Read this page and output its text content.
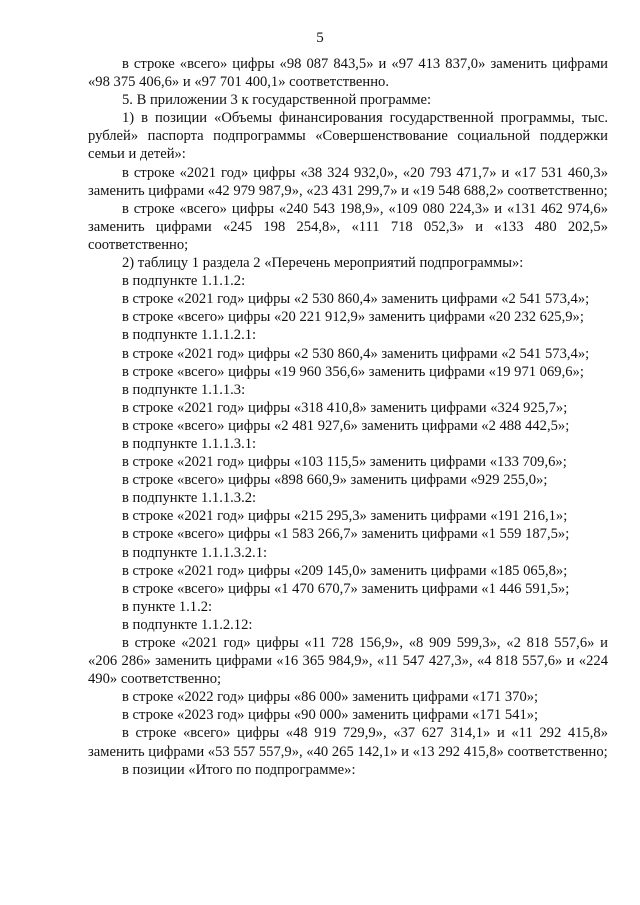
5

в строке «всего» цифры «98 087 843,5» и «97 413 837,0» заменить цифрами «98 375 406,6» и «97 701 400,1» соответственно.

5. В приложении 3 к государственной программе:

1) в позиции «Объемы финансирования государственной программы, тыс. рублей» паспорта подпрограммы «Совершенствование социальной поддержки семьи и детей»:

в строке «2021 год» цифры «38 324 932,0», «20 793 471,7» и «17 531 460,3» заменить цифрами «42 979 987,9», «23 431 299,7» и «19 548 688,2» соответственно;

в строке «всего» цифры «240 543 198,9», «109 080 224,3» и «131 462 974,6» заменить цифрами «245 198 254,8», «111 718 052,3» и «133 480 202,5» соответственно;

2) таблицу 1 раздела 2 «Перечень мероприятий подпрограммы»:

в подпункте 1.1.1.2:

в строке «2021 год» цифры «2 530 860,4» заменить цифрами «2 541 573,4»;

в строке «всего» цифры «20 221 912,9» заменить цифрами «20 232 625,9»;

в подпункте 1.1.1.2.1:

в строке «2021 год» цифры «2 530 860,4» заменить цифрами «2 541 573,4»;

в строке «всего» цифры «19 960 356,6» заменить цифрами «19 971 069,6»;

в подпункте 1.1.1.3:

в строке «2021 год» цифры «318 410,8» заменить цифрами «324 925,7»;

в строке «всего» цифры «2 481 927,6» заменить цифрами «2 488 442,5»;

в подпункте 1.1.1.3.1:

в строке «2021 год» цифры «103 115,5» заменить цифрами «133 709,6»;

в строке «всего» цифры «898 660,9» заменить цифрами «929 255,0»;

в подпункте 1.1.1.3.2:

в строке «2021 год» цифры «215 295,3» заменить цифрами «191 216,1»;

в строке «всего» цифры «1 583 266,7» заменить цифрами «1 559 187,5»;

в подпункте 1.1.1.3.2.1:

в строке «2021 год» цифры «209 145,0» заменить цифрами «185 065,8»;

в строке «всего» цифры «1 470 670,7» заменить цифрами «1 446 591,5»;

в пункте 1.1.2:

в подпункте 1.1.2.12:

в строке «2021 год» цифры «11 728 156,9», «8 909 599,3», «2 818 557,6» и «206 286» заменить цифрами «16 365 984,9», «11 547 427,3», «4 818 557,6» и «224 490» соответственно;

в строке «2022 год» цифры «86 000» заменить цифрами «171 370»;

в строке «2023 год» цифры «90 000» заменить цифрами «171 541»;

в строке «всего» цифры «48 919 729,9», «37 627 314,1» и «11 292 415,8» заменить цифрами «53 557 557,9», «40 265 142,1» и «13 292 415,8» соответственно;

в позиции «Итого по подпрограмме»:
